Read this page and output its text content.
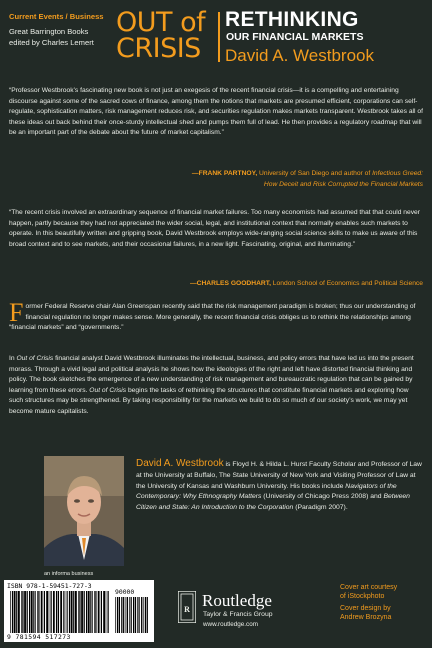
Current Events / Business
Great Barrington Books
edited by Charles Lemert
OUT of
CRISIS
RETHINKING
OUR FINANCIAL MARKETS
David A. Westbrook
“Professor Westbrook’s fascinating new book is not just an exegesis of the recent financial crisis—it is a compelling and entertaining discourse against some of the sacred cows of finance, among them the notions that markets are presumed efficient, corporations can self-regulate, sophistication matters, risk management reduces risk, and securities regulation makes markets transparent. Westbrook takes all of these ideas out back behind their once-sturdy intellectual shed and pumps them full of lead. He then provides a regulatory roadmap that will be an important part of the debate about the future of market capitalism.”
—FRANK PARTNOY, University of San Diego and author of Infectious Greed:
How Deceit and Risk Corrupted the Financial Markets
“The recent crisis involved an extraordinary sequence of financial market failures. Too many economists had assumed that that could never happen, partly because they had not appreciated the wider social, legal, and institutional context that normally enables such markets to operate. In this beautifully written and gripping book, David Westbrook employs wide-ranging social science skills to make us aware of this broad context and to see markets, and their occasional failures, in a new light. Fascinating, original, and illuminating.”
—CHARLES GOODHART, London School of Economics and Political Science
Former Federal Reserve chair Alan Greenspan recently said that the risk management paradigm is broken; thus our understanding of financial regulation no longer makes sense. More generally, the recent financial crisis obliges us to rethink the relationships among “financial markets” and “governments.”
In Out of Crisis financial analyst David Westbrook illuminates the intellectual, business, and policy errors that have led us into the present morass. Through a vivid legal and political analysis he shows how the ideologies of the right and left have distorted financial thinking and policy. The book sketches the emergence of a new understanding of risk management and bureaucratic regulation that can be gained by learning from these errors. Out of Crisis begins the tasks of rethinking the structures that constitute financial markets and exploring how such structures may be strengthened. By taking responsibility for the markets we build to do so much of our society’s work, we may yet become mature capitalists.
David A. Westbrook is Floyd H. & Hilda L. Hurst Faculty Scholar and Professor of Law at the University at Buffalo, The State University of New York and Visiting Professor of Law at the University of Kansas and Washburn University. His books include Navigators of the Contemporary: Why Ethnography Matters (University of Chicago Press 2008) and Between Citizen and State: An Introduction to the Corporation (Paradigm 2007).
an informa business
ISBN 978-1-59451-727-3
90000
9 781594 517273
R Routledge
Taylor & Francis Group
www.routledge.com
Cover art courtesy
of iStockphoto
Cover design by
Andrew Brozyna
